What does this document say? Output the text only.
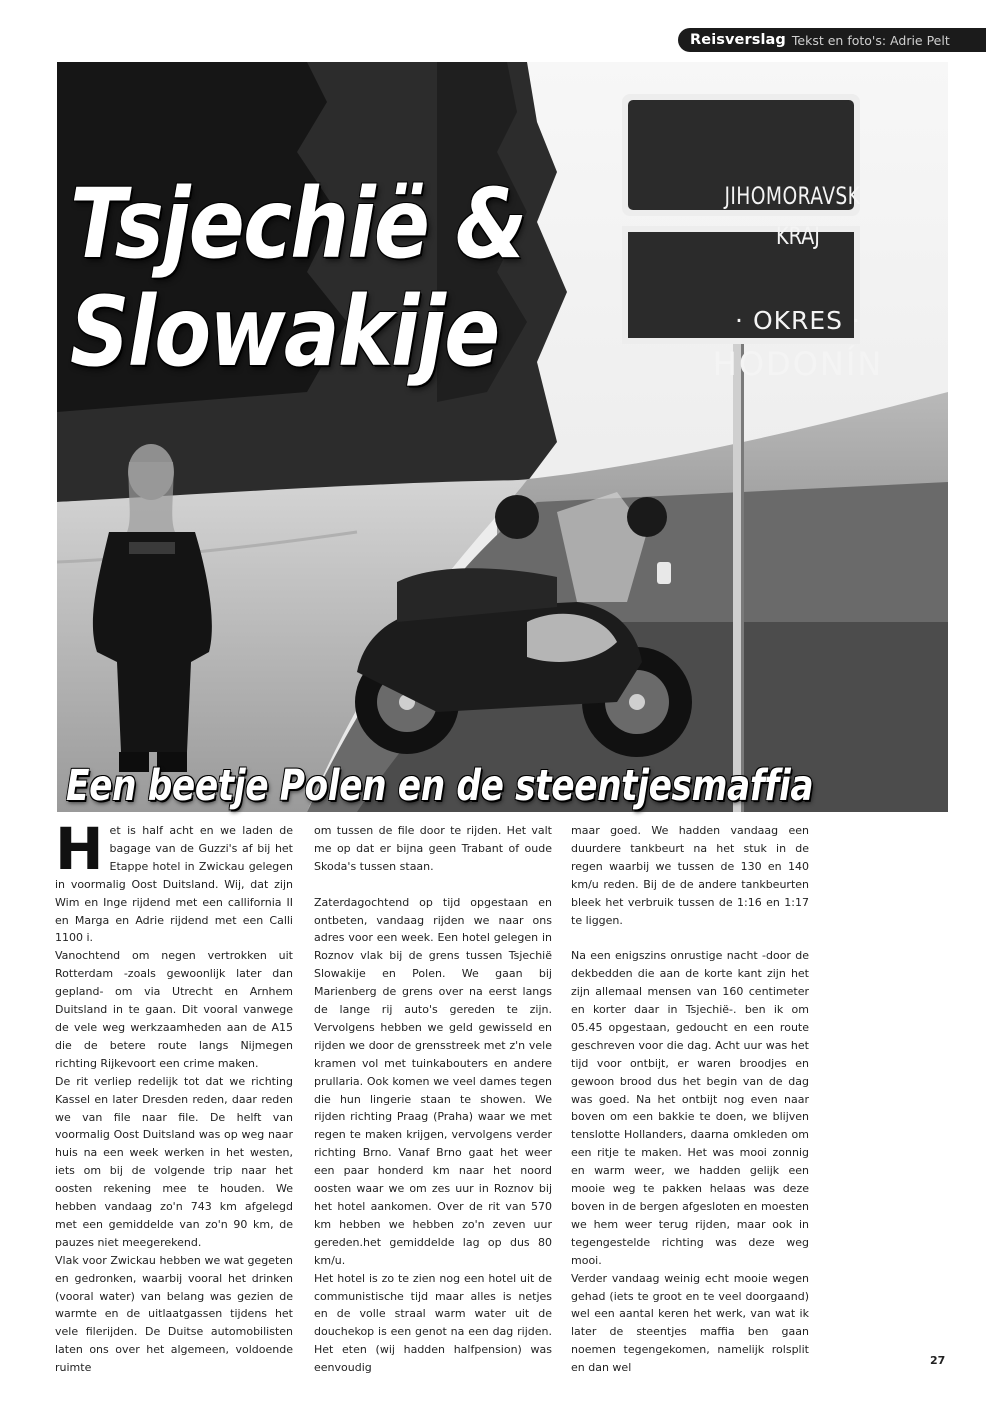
Reisverslag Tekst en foto's: Adrie Pelt
JIHOMORAVSKÝ
KRAJ
· OKRES ·
HODONÍN
Tsjechië &
Slowakije
Een beetje Polen en de steentjesmaffia

Het is half acht en we laden de bagage van de Guzzi's af bij het Etappe hotel in Zwickau gelegen in voormalig Oost Duitsland. Wij, dat zijn Wim en Inge rijdend met een callifornia II en Marga en Adrie rijdend met een Calli 1100 i.

Vanochtend om negen vertrokken uit Rotterdam -zoals gewoonlijk later dan gepland- om via Utrecht en Arnhem Duitsland in te gaan. Dit vooral vanwege de vele weg werkzaamheden aan de A15 die de betere route langs Nijmegen richting Rijkevoort een crime maken.

De rit verliep redelijk tot dat we richting Kassel en later Dresden reden, daar reden we van file naar file. De helft van voormalig Oost Duitsland was op weg naar huis na een week werken in het westen, iets om bij de volgende trip naar het oosten rekening mee te houden. We hebben vandaag zo'n 743 km afgelegd met een gemiddelde van zo'n 90 km, de pauzes niet meegerekend.

Vlak voor Zwickau hebben we wat gegeten en gedronken, waarbij vooral het drinken (vooral water) van belang was gezien de warmte en de uitlaatgassen tijdens het vele filerijden. De Duitse automobilisten laten ons over het algemeen, voldoende ruimte

om tussen de file door te rijden. Het valt me op dat er bijna geen Trabant of oude Skoda's tussen staan.

Zaterdagochtend op tijd opgestaan en ontbeten, vandaag rijden we naar ons adres voor een week. Een hotel gelegen in Roznov vlak bij de grens tussen Tsjechië Slowakije en Polen. We gaan bij Marienberg de grens over na eerst langs de lange rij auto's gereden te zijn. Vervolgens hebben we geld gewisseld en rijden we door de grensstreek met z'n vele kramen vol met tuinkabouters en andere prullaria. Ook komen we veel dames tegen die hun lingerie staan te showen. We rijden richting Praag (Praha) waar we met regen te maken krijgen, vervolgens verder richting Brno. Vanaf Brno gaat het weer een paar honderd km naar het noord oosten waar we om zes uur in Roznov bij het hotel aankomen. Over de rit van 570 km hebben we hebben zo'n zeven uur gereden.het gemiddelde lag op dus 80 km/u.

Het hotel is zo te zien nog een hotel uit de communistische tijd maar alles is netjes en de volle straal warm water uit de douchekop is een genot na een dag rijden. Het eten (wij hadden halfpension) was eenvoudig

maar goed. We hadden vandaag een duurdere tankbeurt na het stuk in de regen waarbij we tussen de 130 en 140 km/u reden. Bij de de andere tankbeurten bleek het verbruik tussen de 1:16 en 1:17 te liggen.

Na een enigszins onrustige nacht -door de dekbedden die aan de korte kant zijn het zijn allemaal mensen van 160 centimeter en korter daar in Tsjechië-. ben ik om 05.45 opgestaan, gedoucht en een route geschreven voor die dag. Acht uur was het tijd voor ontbijt, er waren broodjes en gewoon brood dus het begin van de dag was goed. Na het ontbijt nog even naar boven om een bakkie te doen, we blijven tenslotte Hollanders, daarna omkleden om een ritje te maken. Het was mooi zonnig en warm weer, we hadden gelijk een mooie weg te pakken helaas was deze boven in de bergen afgesloten en moesten we hem weer terug rijden, maar ook in tegengestelde richting was deze weg mooi.

Verder vandaag weinig echt mooie wegen gehad (iets te groot en te veel doorgaand) wel een aantal keren het werk, van wat ik later de steentjes maffia ben gaan noemen tegengekomen, namelijk rolsplit en dan wel

27
